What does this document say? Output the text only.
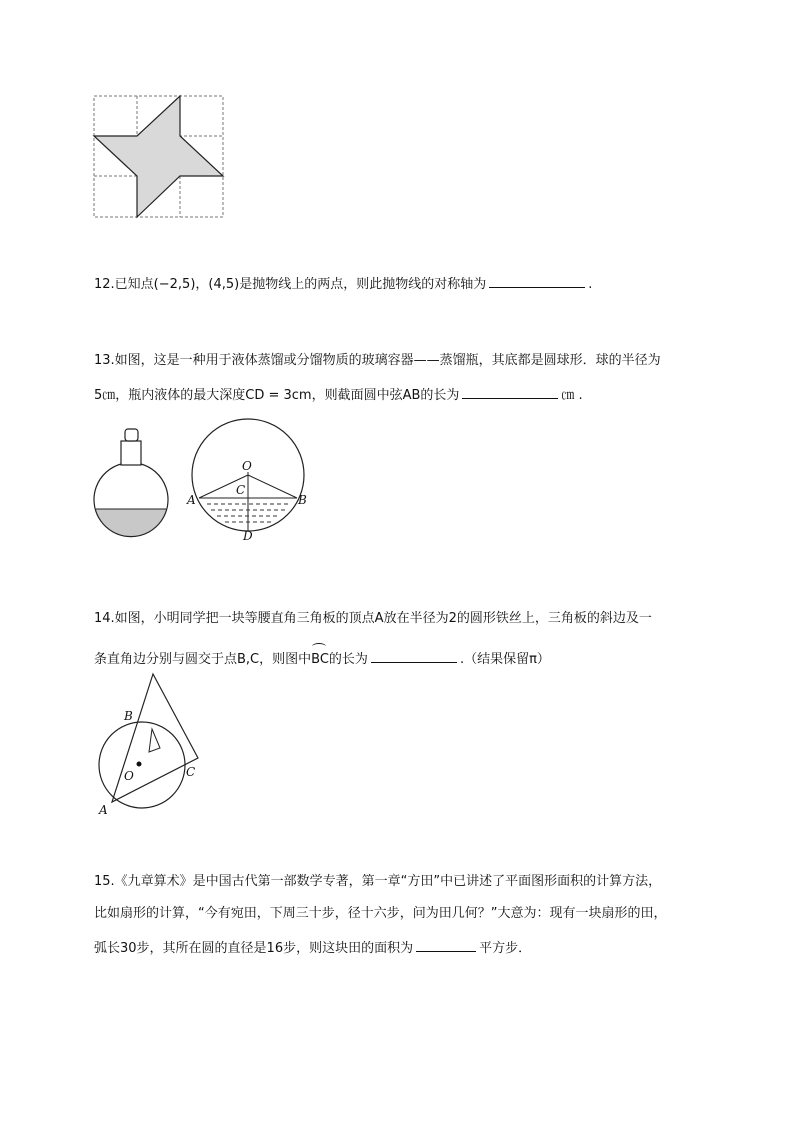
12.已知点(−2,5)，(4,5)是抛物线上的两点，则此抛物线的对称轴为	.
13.如图，这是一种用于液体蒸馏或分馏物质的玻璃容器——蒸馏瓶，其底都是圆球形．球的半径为
5㎝，瓶内液体的最大深度CD = 3cm，则截面圆中弦AB的长为	㎝ .
O
C
A	B
D
14.如图，小明同学把一块等腰直角三角板的顶点A放在半径为2的圆形铁丝上，三角板的斜边及一
条直角边分别与圆交于点B,C，则图中
BC的长为	.（结果保留π）
B
O
A
C
15.《九章算术》是中国古代第一部数学专著，第一章“方田”中已讲述了平面图形面积的计算方法，
比如扇形的计算，“今有宛田，下周三十步，径十六步，问为田几何？”大意为：现有一块扇形的田，
弧长30步，其所在圆的直径是16步，则这块田的面积为	平方步．
